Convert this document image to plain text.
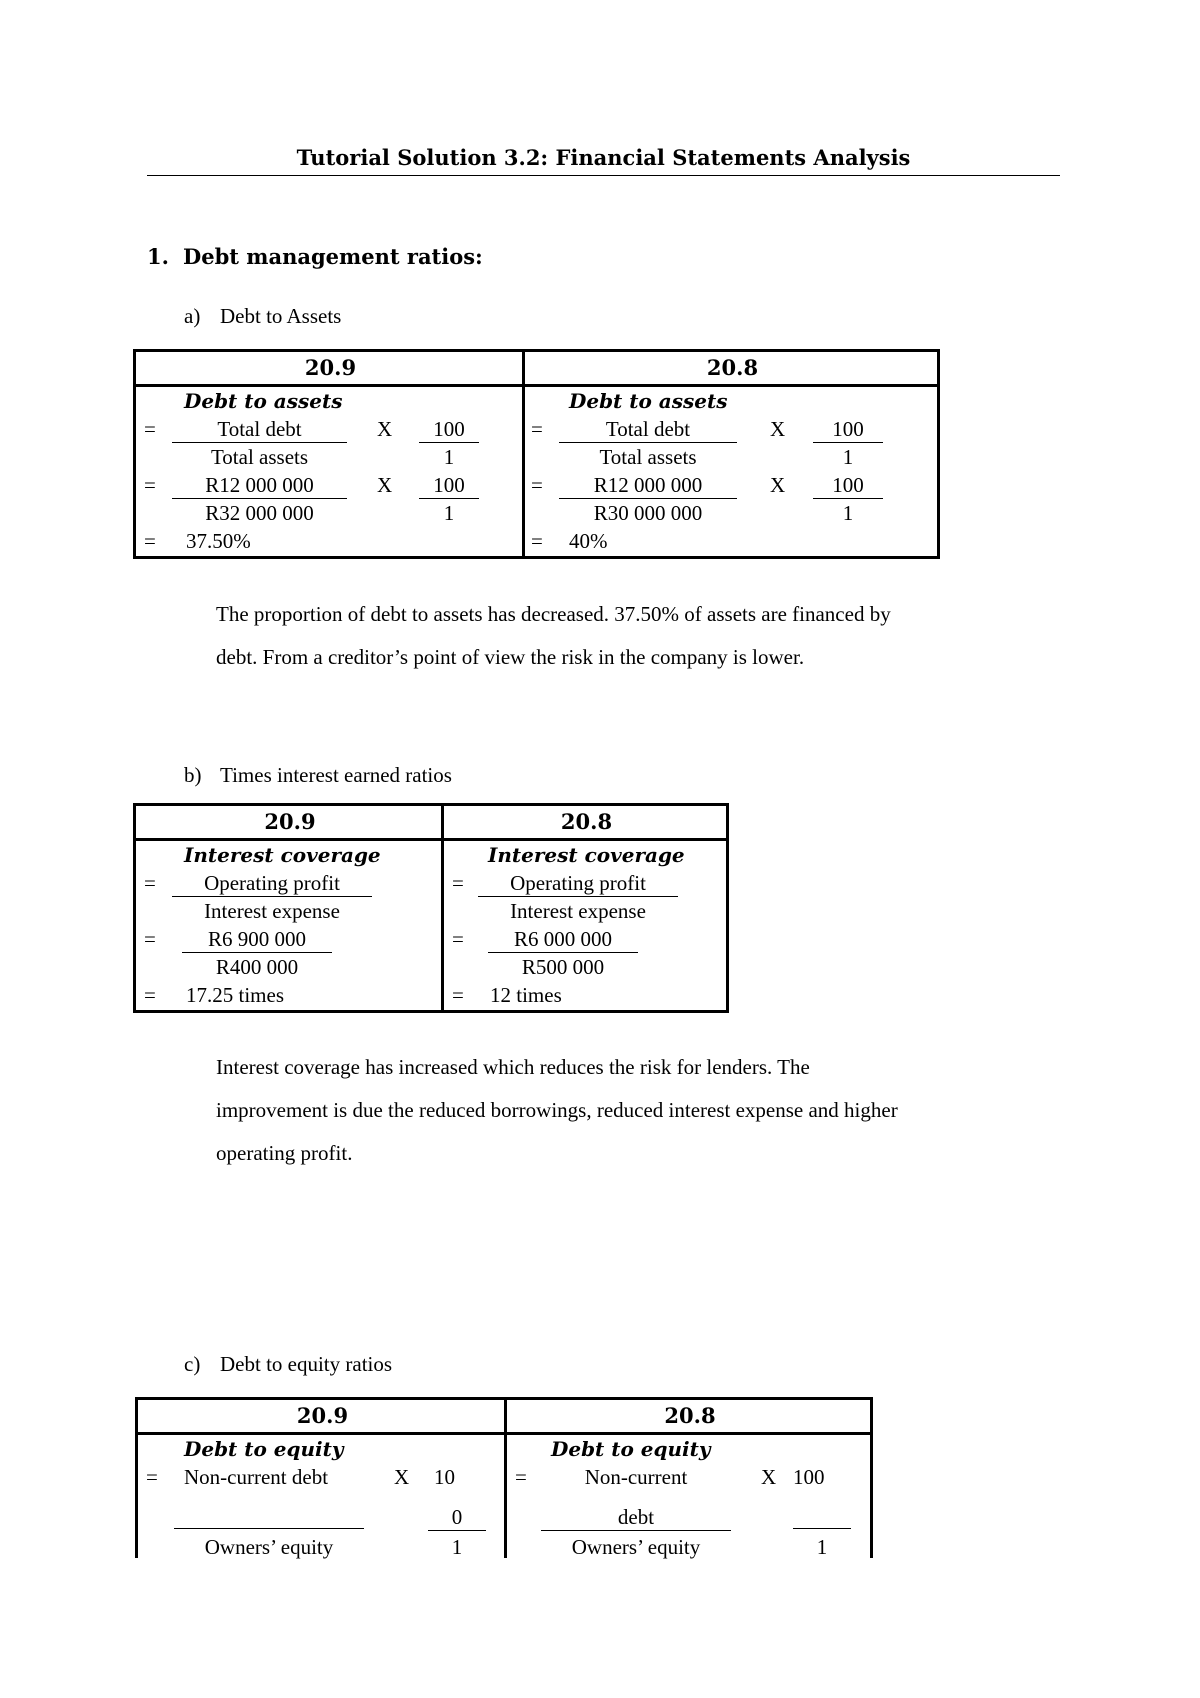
Tutorial Solution 3.2: Financial Statements Analysis
1. Debt management ratios:
a) Debt to Assets
20.9
Debt to assets
=	Total debt	X	100
Total assets	1
=	R12 000 000	X	100
R32 000 000	1
= 37.50%
20.8
Debt to assets
=	Total debt	X	100
Total assets	1
=	R12 000 000	X	100
R30 000 000	1
= 40%

The proportion of debt to assets has decreased. 37.50% of assets are financed by

debt. From a creditor’s point of view the risk in the company is lower.

b) Times interest earned ratios
20.9
Interest coverage
=	Operating profit
Interest expense
=	R6 900 000
R400 000
= 17.25 times
20.8
Interest coverage
=	Operating profit
Interest expense
=	R6 000 000
R500 000
= 12 times

Interest coverage has increased which reduces the risk for lenders. The

improvement is due the reduced borrowings, reduced interest expense and higher

operating profit.

c) Debt to equity ratios
20.9
Debt to equity
= Non-current debt	X 10
0
Owners’ equity	1
20.8
Debt to equity
=	Non-current	X 100
debt
Owners’ equity	1
